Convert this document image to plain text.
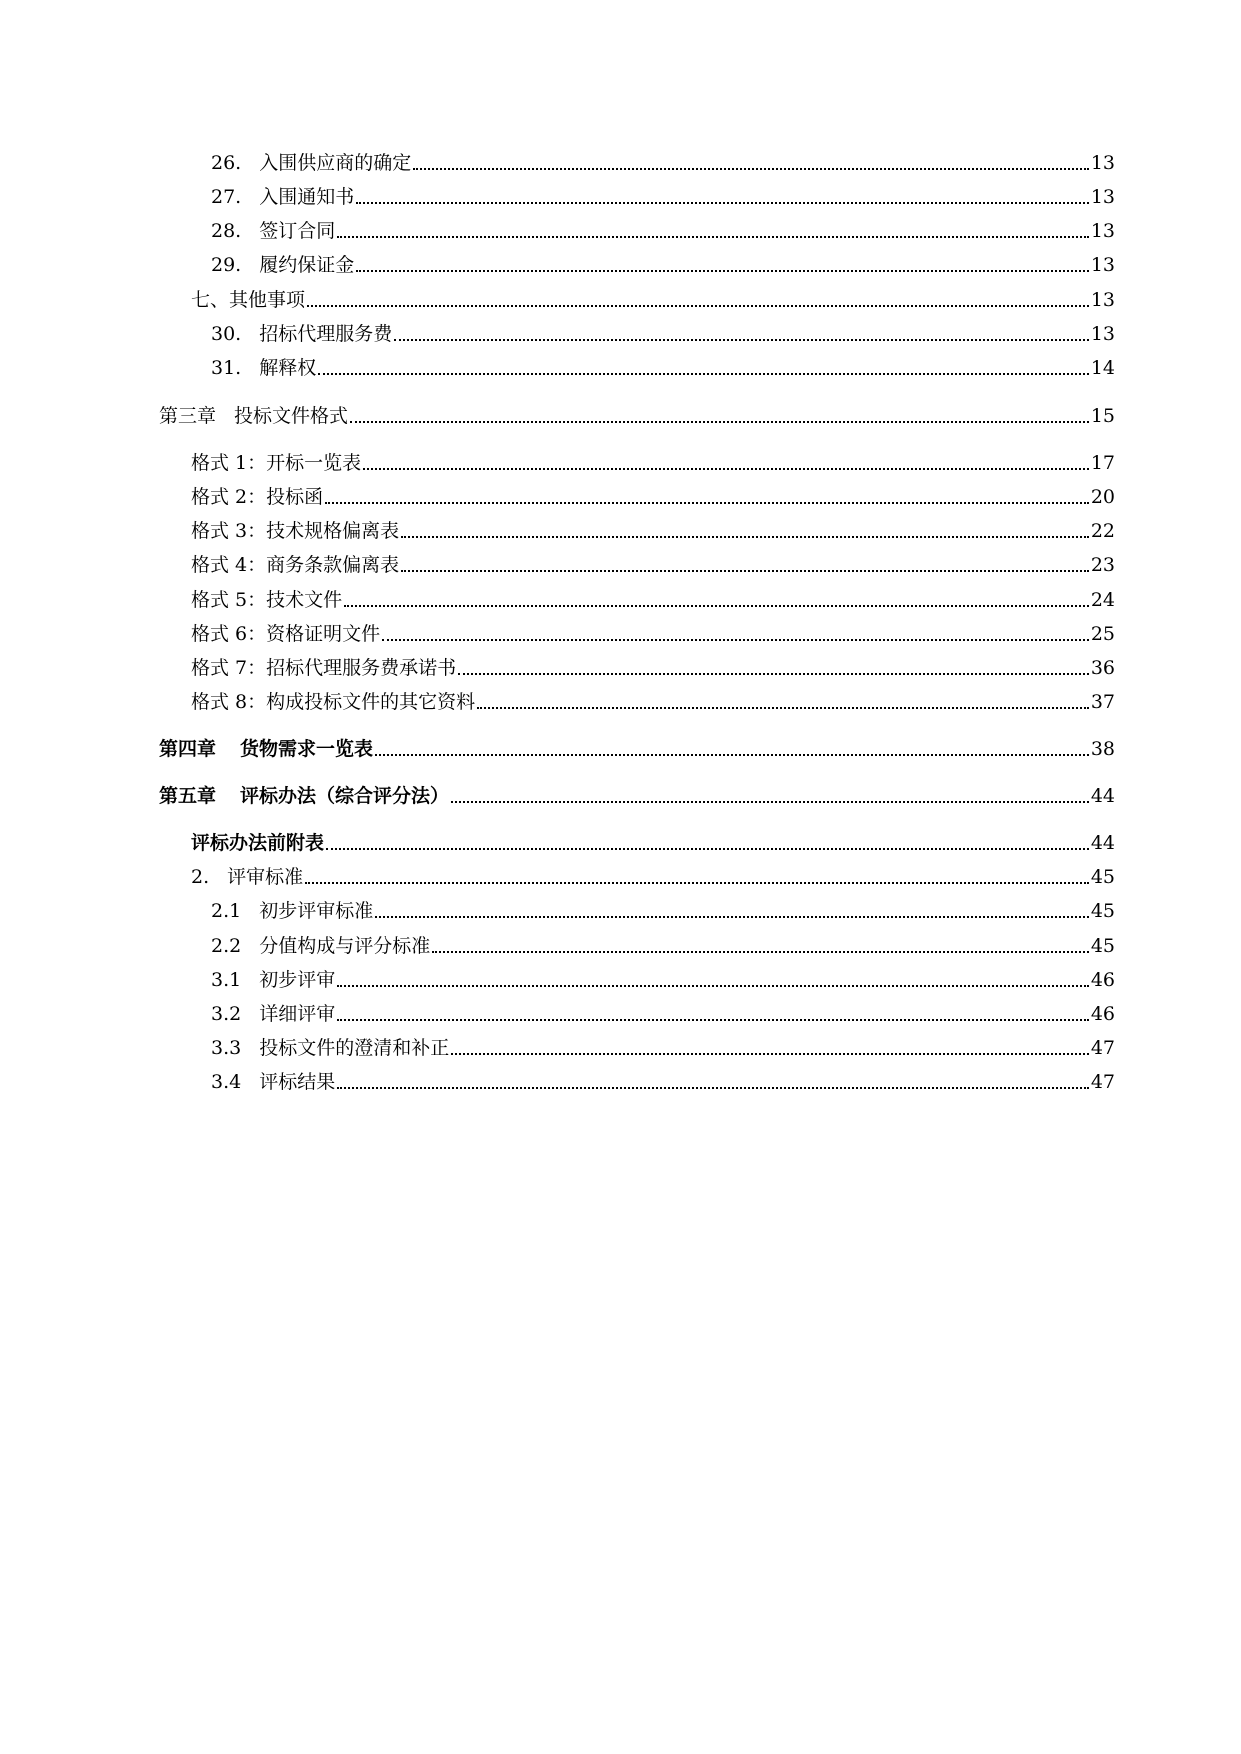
26. 入围供应商的确定	13
27. 入围通知书	13
28. 签订合同	13
29. 履约保证金	13
七、其他事项	13
30. 招标代理服务费	13
31. 解释权	14
第三章 投标文件格式	15
格式 1：开标一览表	17
格式 2：投标函	20
格式 3：技术规格偏离表	22
格式 4：商务条款偏离表	23
格式 5：技术文件	24
格式 6：资格证明文件	25
格式 7：招标代理服务费承诺书	36
格式 8：构成投标文件的其它资料	37
第四章 货物需求一览表	38
第五章 评标办法（综合评分法）	44
评标办法前附表	44
2. 评审标准	45
2.1 初步评审标准	45
2.2 分值构成与评分标准	45
3.1 初步评审	46
3.2 详细评审	46
3.3 投标文件的澄清和补正	47
3.4 评标结果	47
